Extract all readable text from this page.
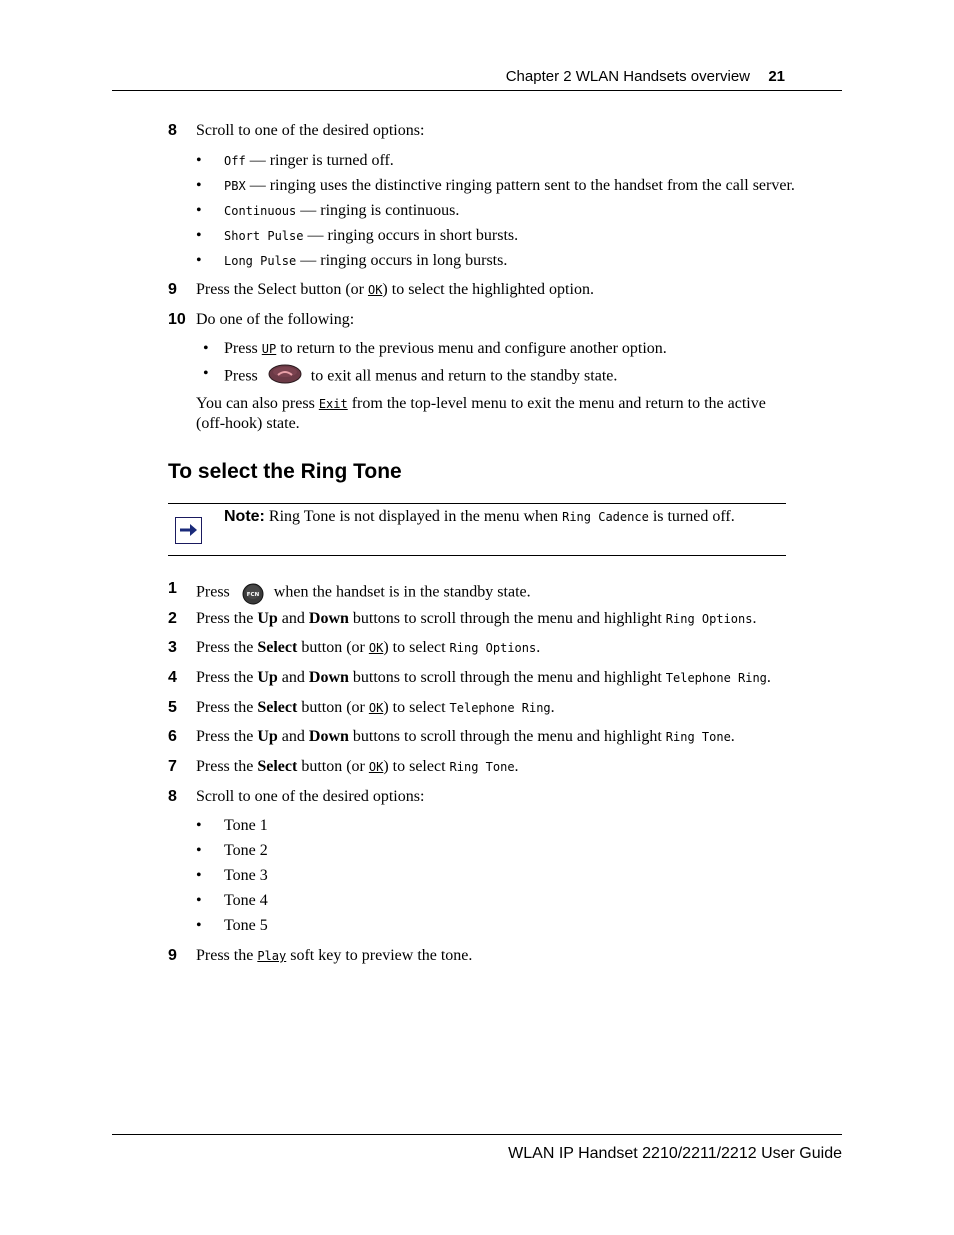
Chapter 2 WLAN Handsets overview 21
8 Scroll to one of the desired options:
• Off — ringer is turned off.
• PBX — ringing uses the distinctive ringing pattern sent to the handset from the call server.
• Continuous — ringing is continuous.
• Short Pulse — ringing occurs in short bursts.
• Long Pulse — ringing occurs in long bursts.
9 Press the Select button (or OK) to select the highlighted option.
10 Do one of the following:
• Press UP to return to the previous menu and configure another option.
• Press	to exit all menus and return to the standby state.
You can also press Exit from the top-level menu to exit the menu and return to the active
(off-hook) state.
To select the Ring Tone
Note: Ring Tone is not displayed in the menu when Ring Cadence is turned off.
1 Press	FCN when the handset is in the standby state.
2 Press the Up and Down buttons to scroll through the menu and highlight Ring Options.
3 Press the Select button (or OK) to select Ring Options.
4 Press the Up and Down buttons to scroll through the menu and highlight Telephone Ring.
5 Press the Select button (or OK) to select Telephone Ring.
6 Press the Up and Down buttons to scroll through the menu and highlight Ring Tone.
7 Press the Select button (or OK) to select Ring Tone.
8 Scroll to one of the desired options:
• Tone 1
• Tone 2
• Tone 3
• Tone 4
• Tone 5
9 Press the Play soft key to preview the tone.
WLAN IP Handset 2210/2211/2212 User Guide
